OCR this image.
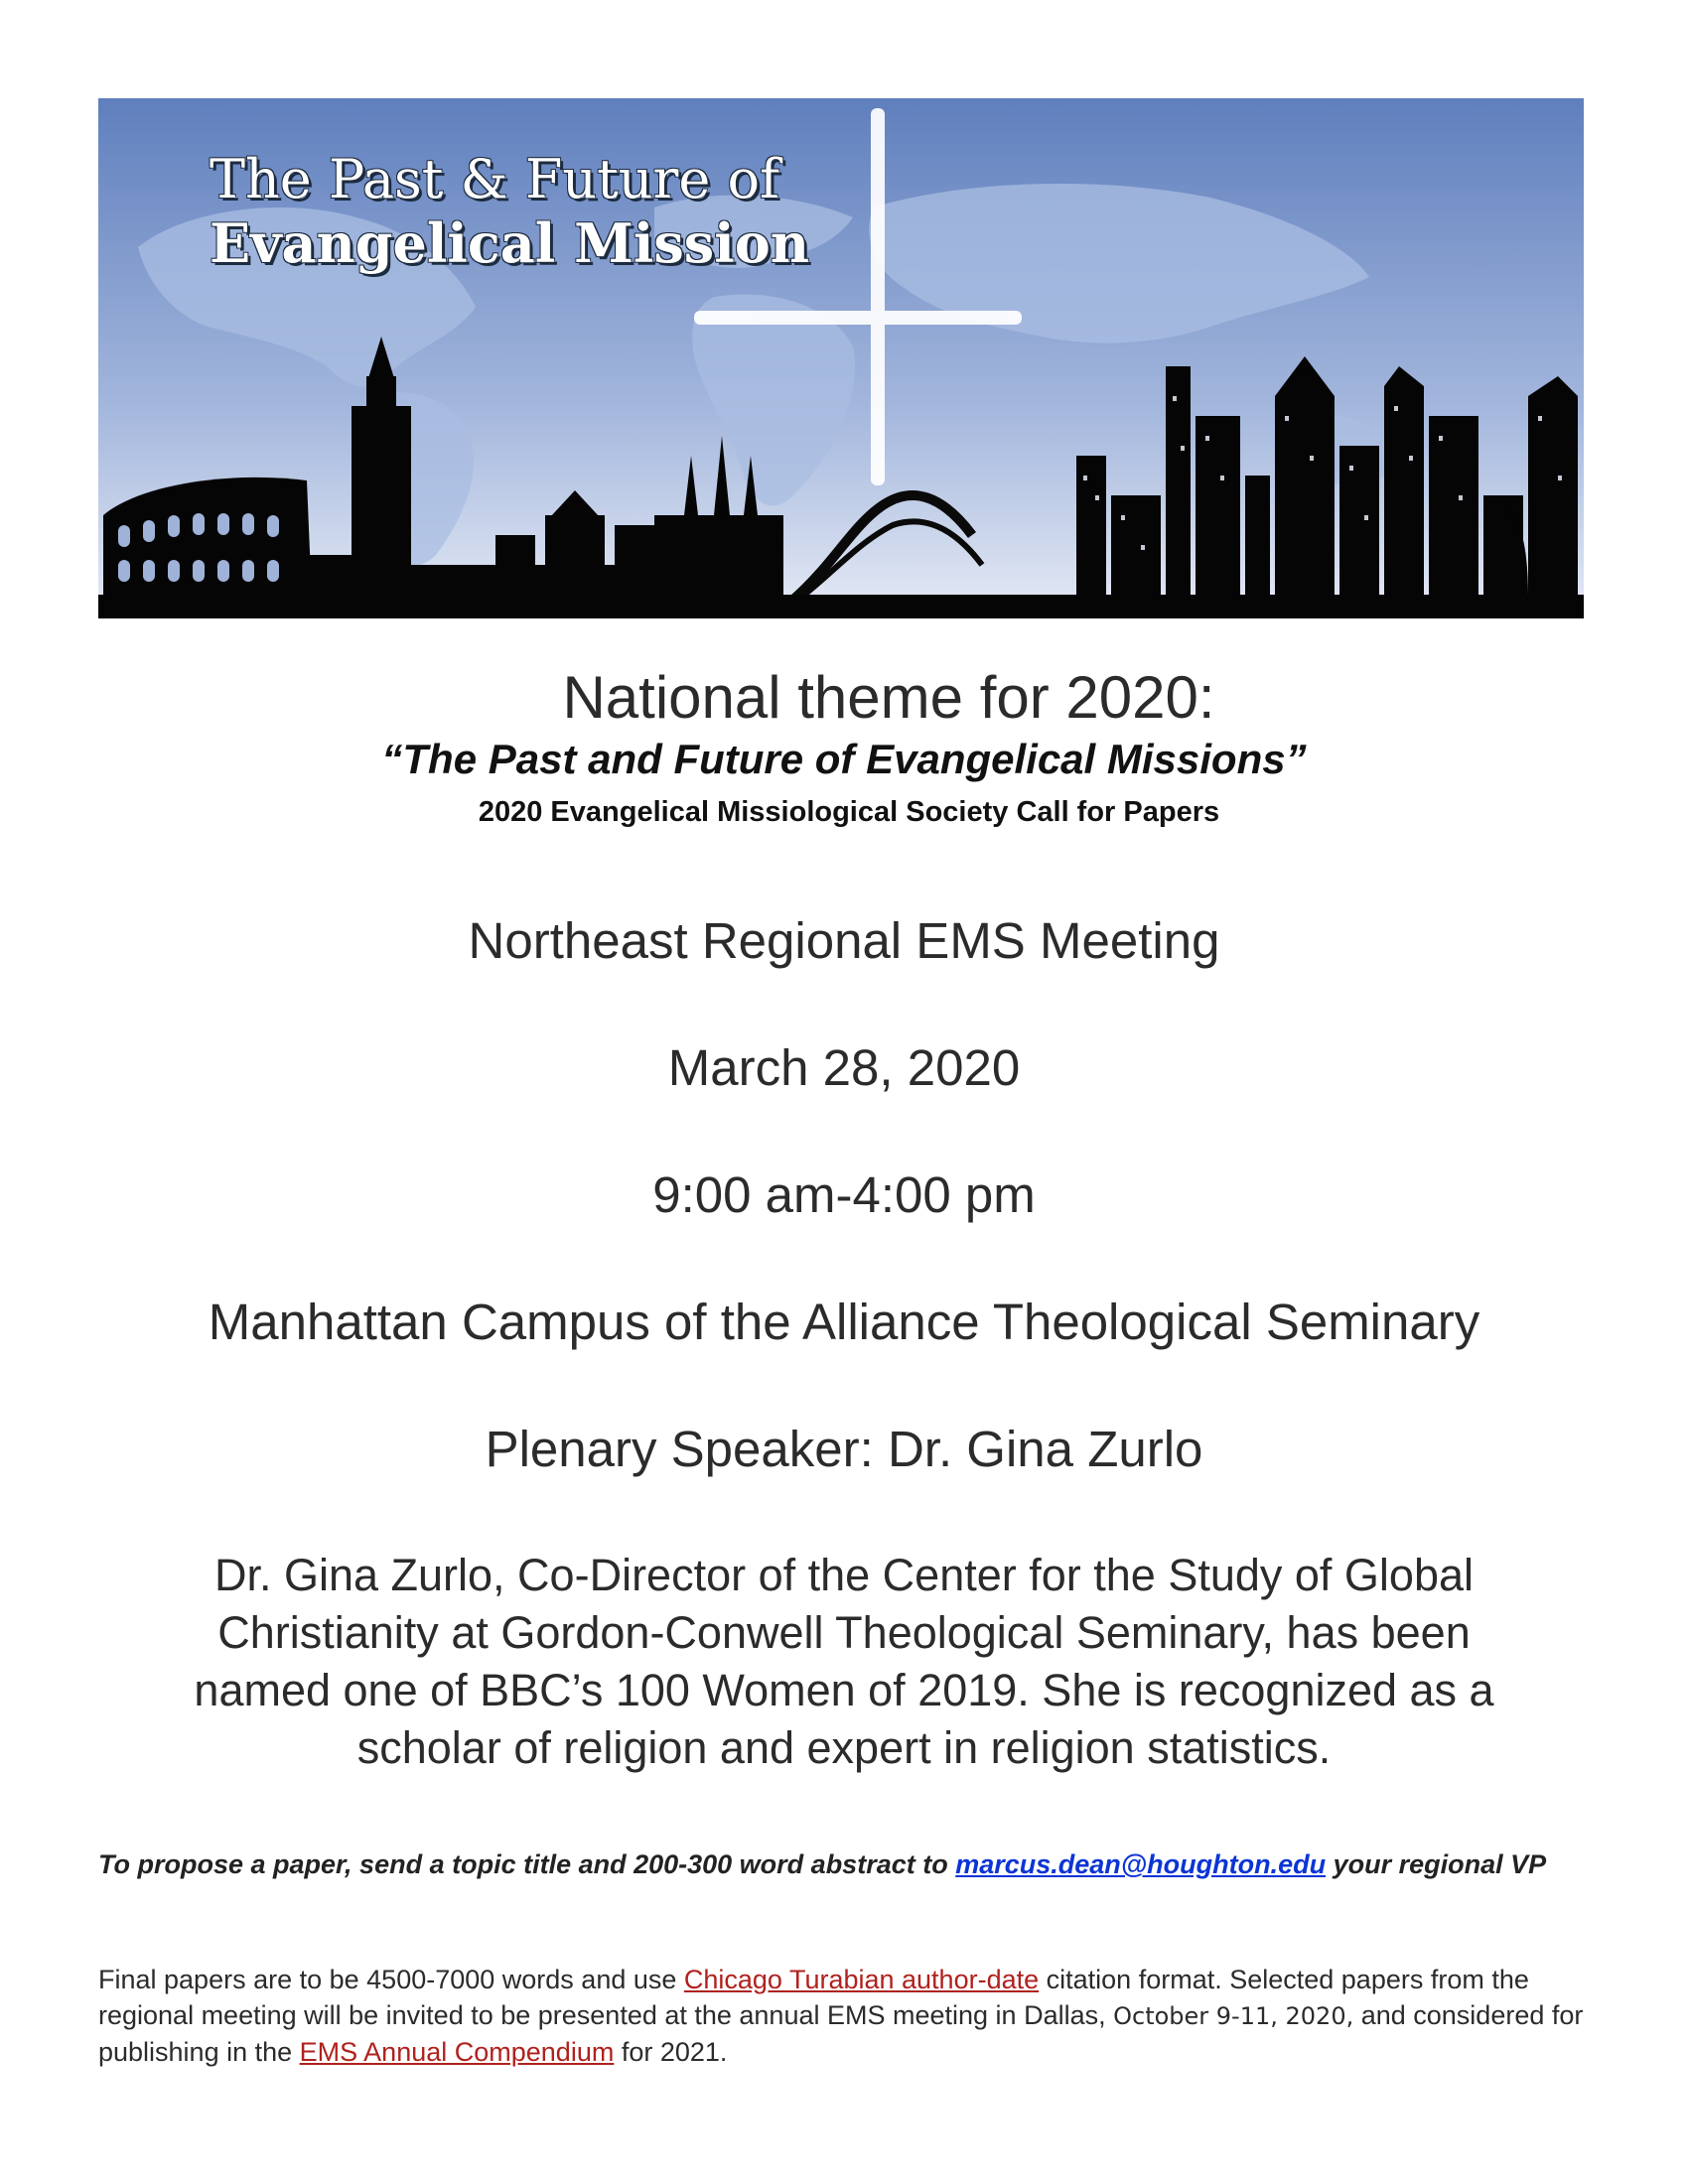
The Past & Future of
Evangelical Mission
National theme for 2020:
“The Past and Future of Evangelical Missions”
2020 Evangelical Missiological Society Call for Papers
Northeast Regional EMS Meeting
March 28, 2020
9:00 am-4:00 pm
Manhattan Campus of the Alliance Theological Seminary
Plenary Speaker: Dr. Gina Zurlo
Dr. Gina Zurlo, Co-Director of the Center for the Study of Global
Christianity at Gordon-Conwell Theological Seminary, has been
named one of BBC’s 100 Women of 2019. She is recognized as a
scholar of religion and expert in religion statistics.
To propose a paper, send a topic title and 200-300 word abstract to marcus.dean@houghton.edu your regional VP
Final papers are to be 4500-7000 words and use Chicago Turabian author-date citation format. Selected papers from the regional meeting will be invited to be presented at the annual EMS meeting in Dallas, October 9-11, 2020, and considered for publishing in the EMS Annual Compendium for 2021.
